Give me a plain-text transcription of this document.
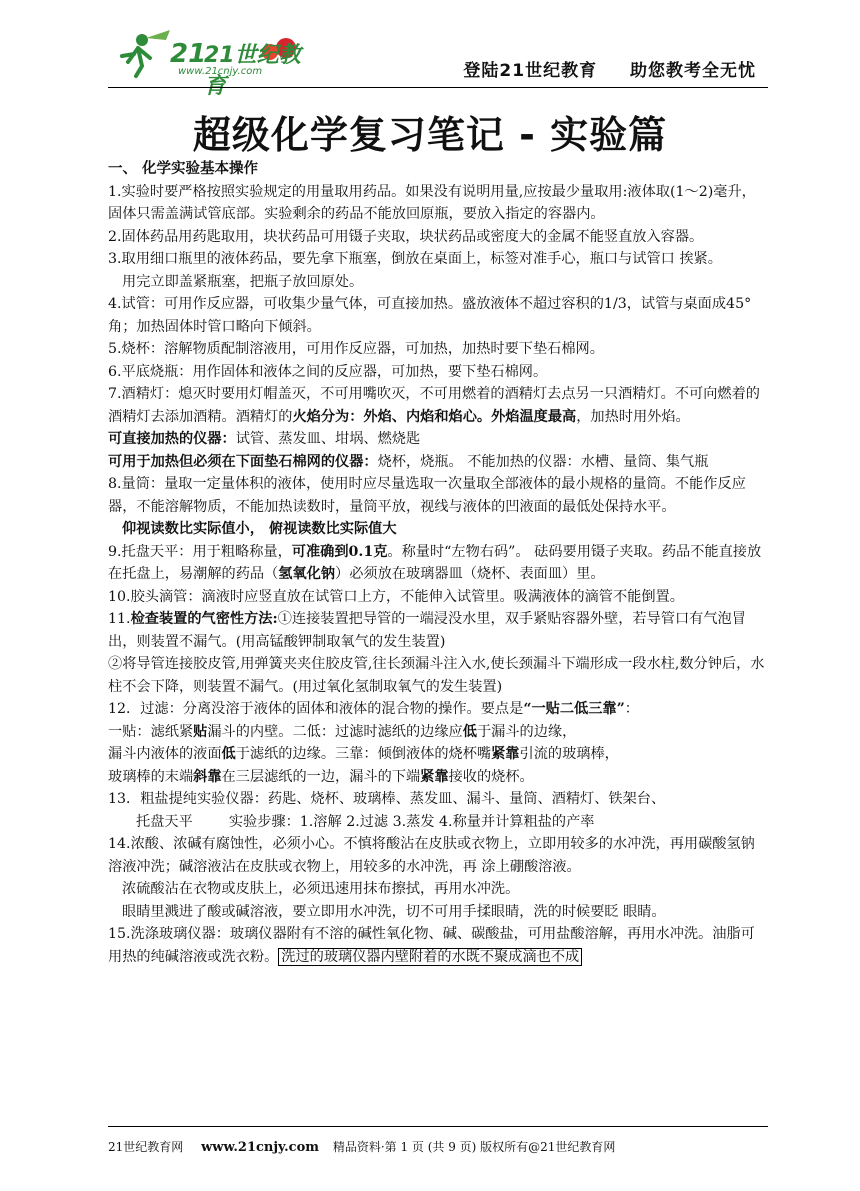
21
21世纪教育
www.21cnjy.com	登陆21世纪教育 助您教考全无忧
超级化学复习笔记 - 实验篇

一、 化学实验基本操作

1.实验时要严格按照实验规定的用量取用药品。如果没有说明用量,应按最少量取用:液体取(1～2)毫升，固体只需盖满试管底部。实验剩余的药品不能放回原瓶，要放入指定的容器内。

2.固体药品用药匙取用，块状药品可用镊子夹取，块状药品或密度大的金属不能竖直放入容器。

3.取用细口瓶里的液体药品，要先拿下瓶塞，倒放在桌面上，标签对准手心，瓶口与试管口 挨紧。

用完立即盖紧瓶塞，把瓶子放回原处。

4.试管：可用作反应器，可收集少量气体，可直接加热。盛放液体不超过容积的1/3，试管与桌面成45°角；加热固体时管口略向下倾斜。

5.烧杯：溶解物质配制溶液用，可用作反应器，可加热，加热时要下垫石棉网。

6.平底烧瓶：用作固体和液体之间的反应器，可加热，要下垫石棉网。

7.酒精灯：熄灭时要用灯帽盖灭，不可用嘴吹灭，不可用燃着的酒精灯去点另一只酒精灯。不可向燃着的酒精灯去添加酒精。酒精灯的火焰分为：外焰、内焰和焰心。外焰温度最高，加热时用外焰。

可直接加热的仪器：试管、蒸发皿、坩埚、燃烧匙

可用于加热但必须在下面垫石棉网的仪器：烧杯，烧瓶。 不能加热的仪器：水槽、量筒、集气瓶

8.量筒：量取一定量体积的液体，使用时应尽量选取一次量取全部液体的最小规格的量筒。不能作反应器，不能溶解物质，不能加热读数时，量筒平放，视线与液体的凹液面的最低处保持水平。

仰视读数比实际值小， 俯视读数比实际值大

9.托盘天平：用于粗略称量，可准确到0.1克。称量时“左物右码”。 砝码要用镊子夹取。药品不能直接放在托盘上，易潮解的药品（氢氧化钠）必须放在玻璃器皿（烧杯、表面皿）里。

10.胶头滴管：滴液时应竖直放在试管口上方，不能伸入试管里。吸满液体的滴管不能倒置。

11.检查装置的气密性方法:①连接装置把导管的一端浸没水里，双手紧贴容器外壁，若导管口有气泡冒出，则装置不漏气。(用高锰酸钾制取氧气的发生装置)

②将导管连接胶皮管,用弹簧夹夹住胶皮管,往长颈漏斗注入水,使长颈漏斗下端形成一段水柱,数分钟后，水柱不会下降，则装置不漏气。(用过氧化氢制取氧气的发生装置)

12．过滤：分离没溶于液体的固体和液体的混合物的操作。要点是“一贴二低三靠”：

一贴：滤纸紧贴漏斗的内壁。二低：过滤时滤纸的边缘应低于漏斗的边缘，

漏斗内液体的液面低于滤纸的边缘。三靠：倾倒液体的烧杯嘴紧靠引流的玻璃棒，

玻璃棒的末端斜靠在三层滤纸的一边，漏斗的下端紧靠接收的烧杯。

13．粗盐提纯实验仪器：药匙、烧杯、玻璃棒、蒸发皿、漏斗、量筒、酒精灯、铁架台、

托盘天平        实验步骤：1.溶解 2.过滤 3.蒸发 4.称量并计算粗盐的产率

14.浓酸、浓碱有腐蚀性，必须小心。不慎将酸沾在皮肤或衣物上，立即用较多的水冲洗，再用碳酸氢钠溶液冲洗；碱溶液沾在皮肤或衣物上，用较多的水冲洗，再 涂上硼酸溶液。

浓硫酸沾在衣物或皮肤上，必须迅速用抹布擦拭，再用水冲洗。

眼睛里溅进了酸或碱溶液，要立即用水冲洗，切不可用手揉眼睛，洗的时候要眨 眼睛。

15.洗涤玻璃仪器：玻璃仪器附有不溶的碱性氧化物、碱、碳酸盐，可用盐酸溶解，再用水冲洗。油脂可用热的纯碱溶液或洗衣粉。 洗过的玻璃仪器内壁附着的水既不聚成滴也不成

21世纪教育网 www.21cnjy.com 精品资料·第 1 页 (共 9 页) 版权所有@21世纪教育网
